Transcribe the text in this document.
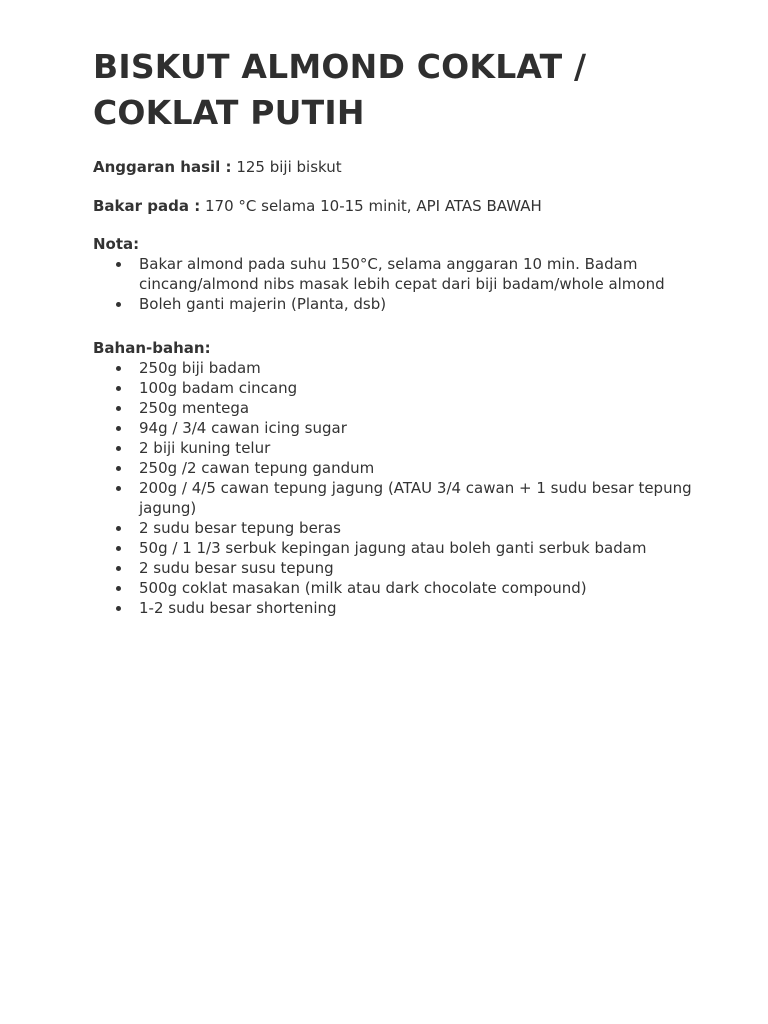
BISKUT ALMOND COKLAT /
COKLAT PUTIH

Anggaran hasil : 125 biji biskut

Bakar pada : 170 °C selama 10-15 minit, API ATAS BAWAH

Nota:
Bakar almond pada suhu 150°C, selama anggaran 10 min. Badam cincang/almond nibs masak lebih cepat dari biji badam/whole almond
Boleh ganti majerin (Planta, dsb)
Bahan-bahan:
250g biji badam
100g badam cincang
250g mentega
94g / 3/4 cawan icing sugar
2 biji kuning telur
250g /2 cawan tepung gandum
200g / 4/5 cawan tepung jagung (ATAU 3/4 cawan + 1 sudu besar tepung jagung)
2 sudu besar tepung beras
50g / 1 1/3 serbuk kepingan jagung atau boleh ganti serbuk badam
2 sudu besar susu tepung
500g coklat masakan (milk atau dark chocolate compound)
1-2 sudu besar shortening
